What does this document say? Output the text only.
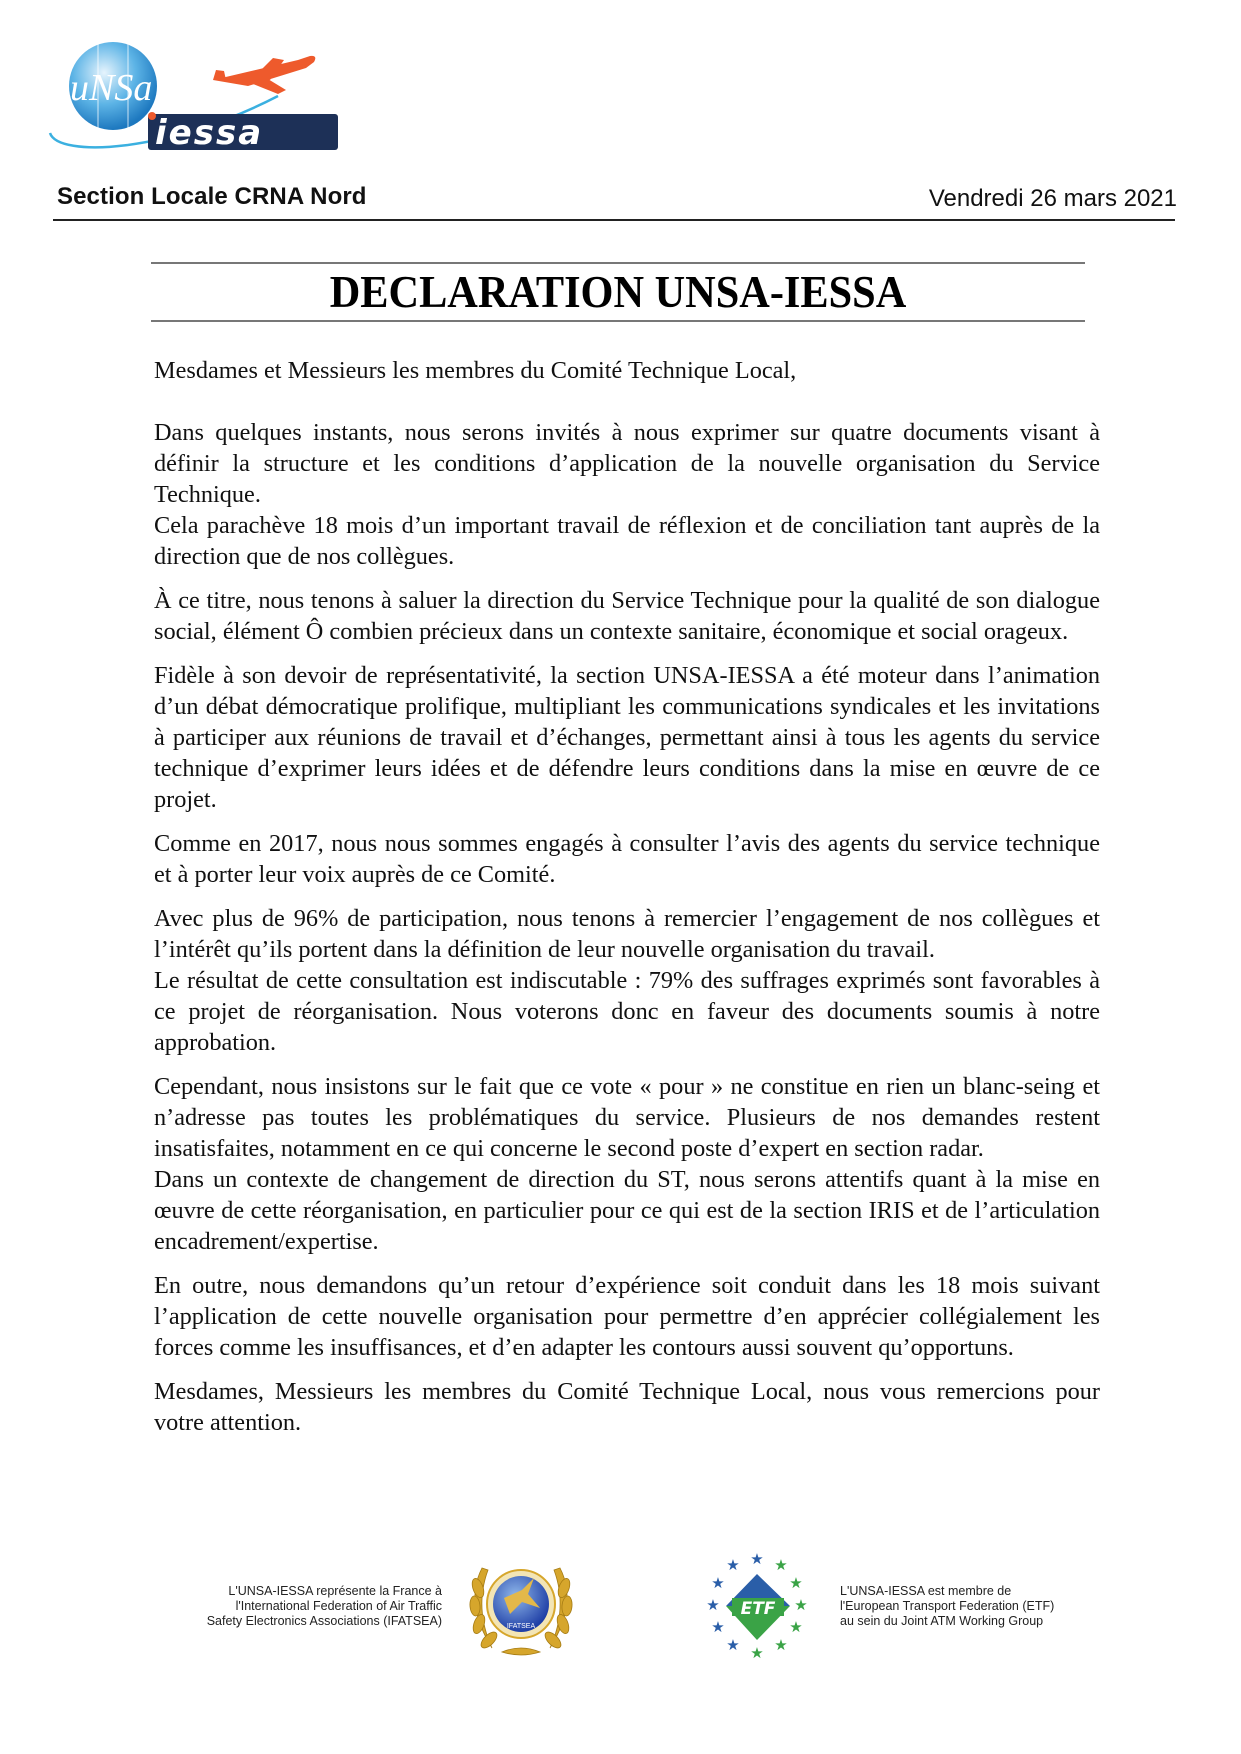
uNSa
iessa
Section Locale CRNA Nord	Vendredi 26 mars 2021
DECLARATION UNSA-IESSA

Mesdames et Messieurs les membres du Comité Technique Local,

Dans quelques instants, nous serons invités à nous exprimer sur quatre documents visant à définir la structure et les conditions d’application de la nouvelle organisation du Service Technique.

Cela parachève 18 mois d’un important travail de réflexion et de conciliation tant auprès de la direction que de nos collègues.

À ce titre, nous tenons à saluer la direction du Service Technique pour la qualité de son dialogue social, élément Ô combien précieux dans un contexte sanitaire, économique et social orageux.

Fidèle à son devoir de représentativité, la section UNSA-IESSA a été moteur dans l’animation d’un débat démocratique prolifique, multipliant les communications syndicales et les invitations à participer aux réunions de travail et d’échanges, permettant ainsi à tous les agents du service technique d’exprimer leurs idées et de défendre leurs conditions dans la mise en œuvre de ce projet.

Comme en 2017, nous nous sommes engagés à consulter l’avis des agents du service technique et à porter leur voix auprès de ce Comité.

Avec plus de 96% de participation, nous tenons à remercier l’engagement de nos collègues et l’intérêt qu’ils portent dans la définition de leur nouvelle organisation du travail.

Le résultat de cette consultation est indiscutable : 79% des suffrages exprimés sont favorables à ce projet de réorganisation. Nous voterons donc en faveur des documents soumis à notre approbation.

Cependant, nous insistons sur le fait que ce vote « pour » ne constitue en rien un blanc-seing et n’adresse pas toutes les problématiques du service. Plusieurs de nos demandes restent insatisfaites, notamment en ce qui concerne le second poste d’expert en section radar.

Dans un contexte de changement de direction du ST, nous serons attentifs quant à la mise en œuvre de cette réorganisation, en particulier pour ce qui est de la section IRIS et de l’articulation encadrement/expertise.

En outre, nous demandons qu’un retour d’expérience soit conduit dans les 18 mois suivant l’application de cette nouvelle organisation pour permettre d’en apprécier collégialement les forces comme les insuffisances, et d’en adapter les contours aussi souvent qu’opportuns.

Mesdames, Messieurs les membres du Comité Technique Local, nous vous remercions pour votre attention.

L'UNSA-IESSA représente la France à
l'International Federation of Air Traffic
Safety Electronics Associations (IFATSEA)	IFATSEA
★
★
★
★
★
★ ★ ★
★
★
★
★
ETF
L'UNSA-IESSA est membre de
l'European Transport Federation (ETF)
au sein du Joint ATM Working Group
